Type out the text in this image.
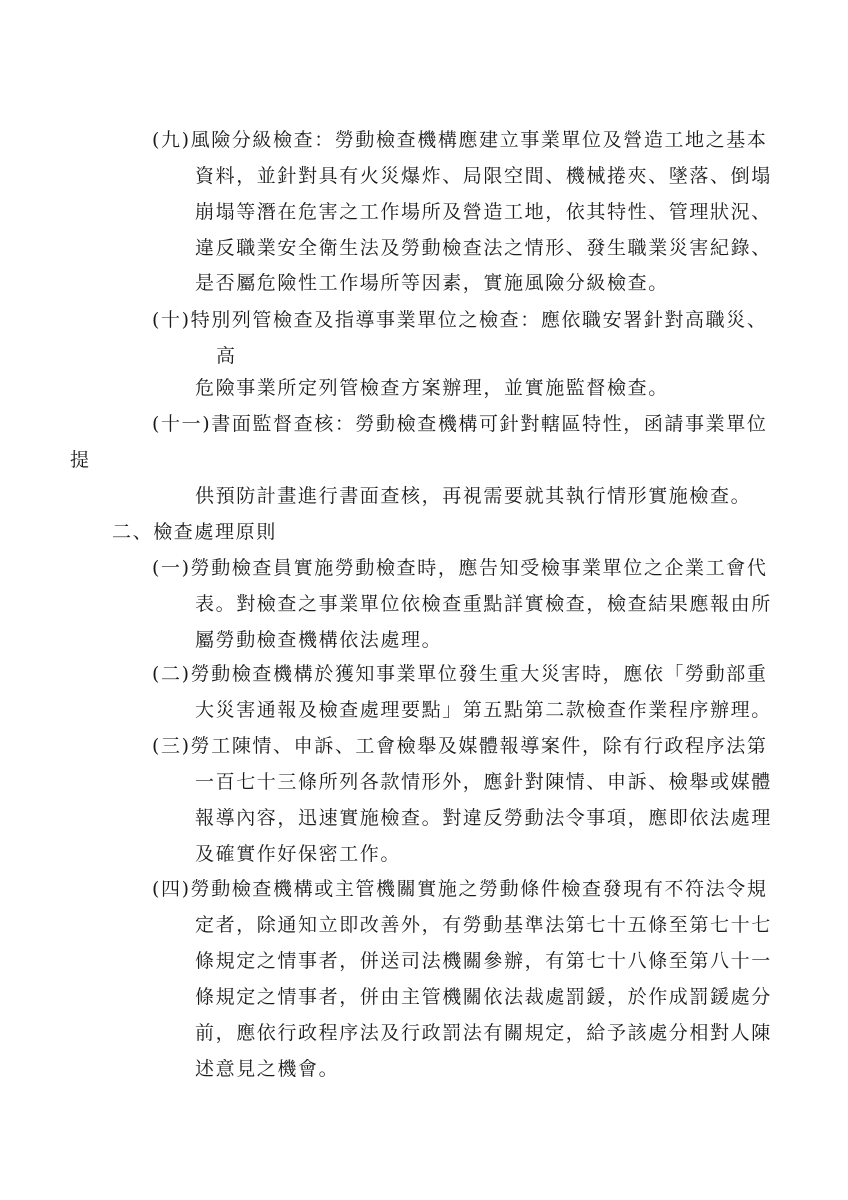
(九)風險分級檢查：勞動檢查機構應建立事業單位及營造工地之基本
資料，並針對具有火災爆炸、局限空間、機械捲夾、墜落、倒塌
崩塌等潛在危害之工作場所及營造工地，依其特性、管理狀況、
違反職業安全衛生法及勞動檢查法之情形、發生職業災害紀錄、
是否屬危險性工作場所等因素，實施風險分級檢查。
(十)特別列管檢查及指導事業單位之檢查：應依職安署針對高職災、
高
危險事業所定列管檢查方案辦理，並實施監督檢查。
(十一)書面監督查核：勞動檢查機構可針對轄區特性，函請事業單位
提
供預防計畫進行書面查核，再視需要就其執行情形實施檢查。
二、檢查處理原則
(一)勞動檢查員實施勞動檢查時，應告知受檢事業單位之企業工會代
表。對檢查之事業單位依檢查重點詳實檢查，檢查結果應報由所
屬勞動檢查機構依法處理。
(二)勞動檢查機構於獲知事業單位發生重大災害時，應依「勞動部重
大災害通報及檢查處理要點」第五點第二款檢查作業程序辦理。
(三)勞工陳情、申訴、工會檢舉及媒體報導案件，除有行政程序法第
一百七十三條所列各款情形外，應針對陳情、申訴、檢舉或媒體
報導內容，迅速實施檢查。對違反勞動法令事項，應即依法處理
及確實作好保密工作。
(四)勞動檢查機構或主管機關實施之勞動條件檢查發現有不符法令規
定者，除通知立即改善外，有勞動基準法第七十五條至第七十七
條規定之情事者，併送司法機關參辦，有第七十八條至第八十一
條規定之情事者，併由主管機關依法裁處罰鍰，於作成罰鍰處分
前，應依行政程序法及行政罰法有關規定，給予該處分相對人陳
述意見之機會。
